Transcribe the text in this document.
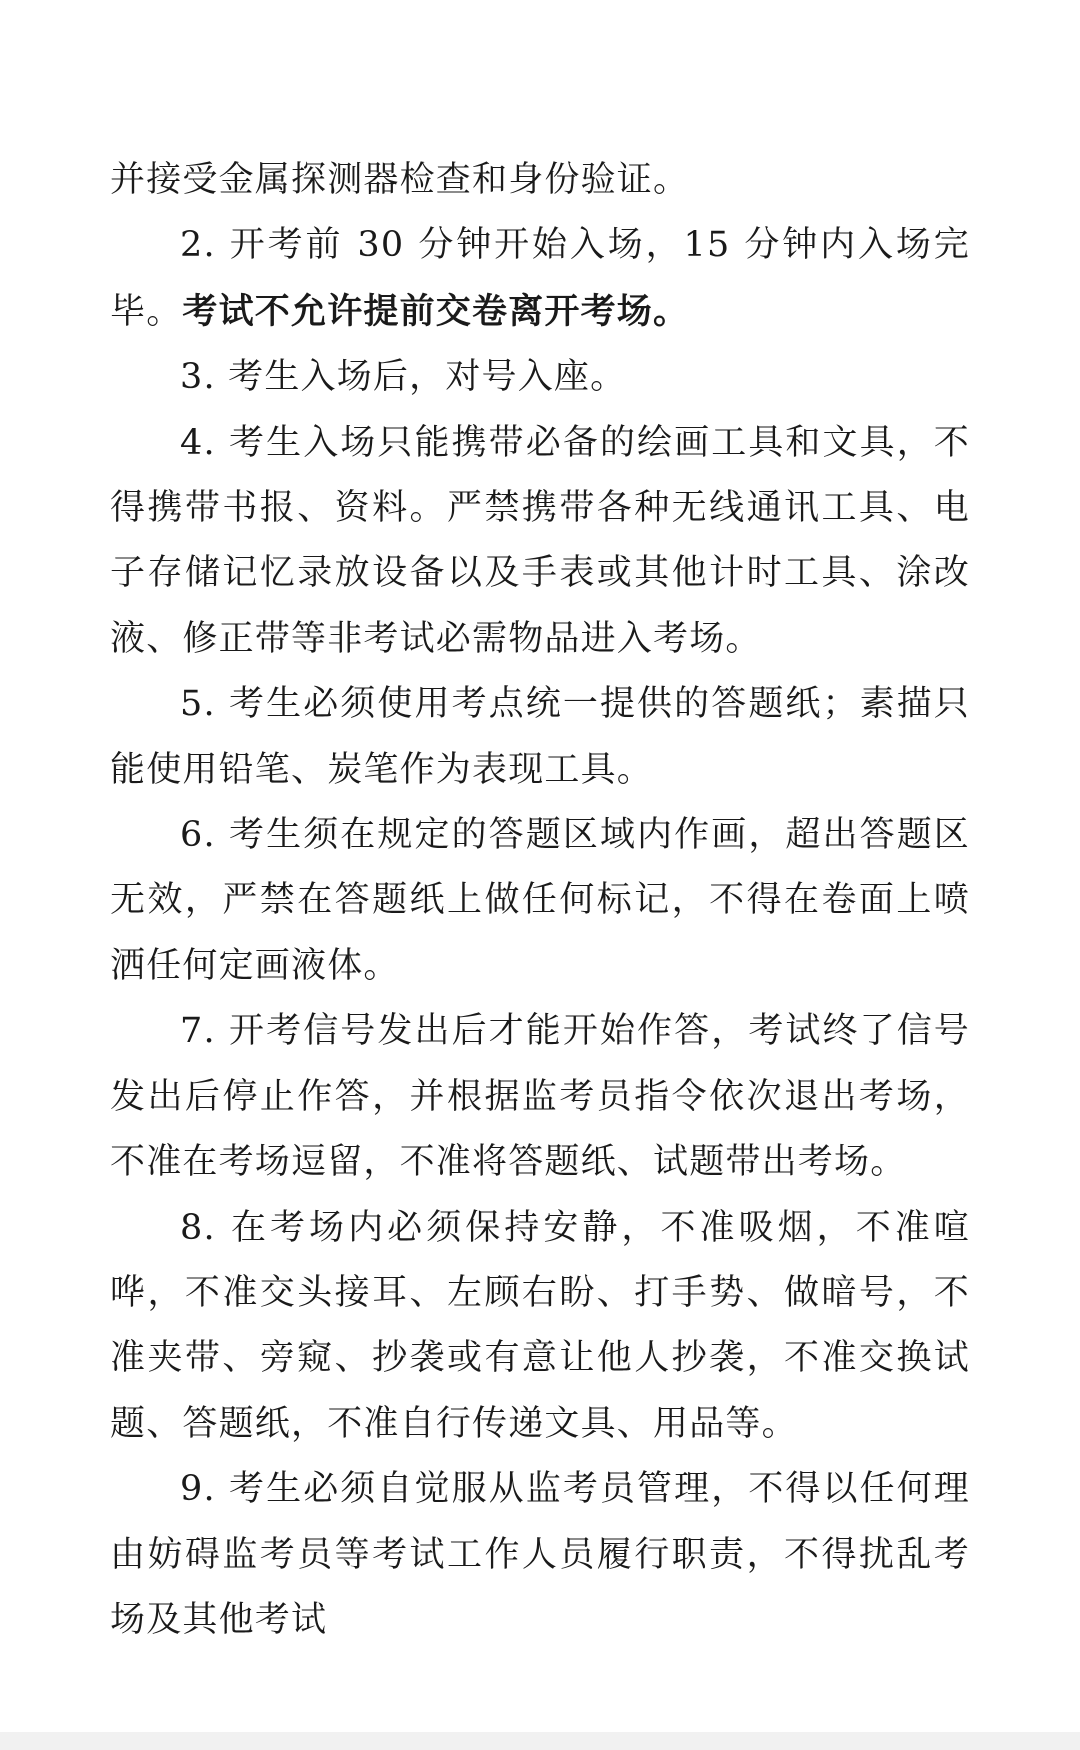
并接受金属探测器检查和身份验证。

2. 开考前 30 分钟开始入场，15 分钟内入场完毕。考试不允许提前交卷离开考场。

3. 考生入场后，对号入座。

4. 考生入场只能携带必备的绘画工具和文具，不得携带书报、资料。严禁携带各种无线通讯工具、电子存储记忆录放设备以及手表或其他计时工具、涂改液、修正带等非考试必需物品进入考场。

5. 考生必须使用考点统一提供的答题纸；素描只能使用铅笔、炭笔作为表现工具。

6. 考生须在规定的答题区域内作画，超出答题区无效，严禁在答题纸上做任何标记，不得在卷面上喷洒任何定画液体。

7. 开考信号发出后才能开始作答，考试终了信号发出后停止作答，并根据监考员指令依次退出考场，不准在考场逗留，不准将答题纸、试题带出考场。

8. 在考场内必须保持安静，不准吸烟，不准喧哗，不准交头接耳、左顾右盼、打手势、做暗号，不准夹带、旁窥、抄袭或有意让他人抄袭，不准交换试题、答题纸，不准自行传递文具、用品等。

9. 考生必须自觉服从监考员管理，不得以任何理由妨碍监考员等考试工作人员履行职责，不得扰乱考场及其他考试
